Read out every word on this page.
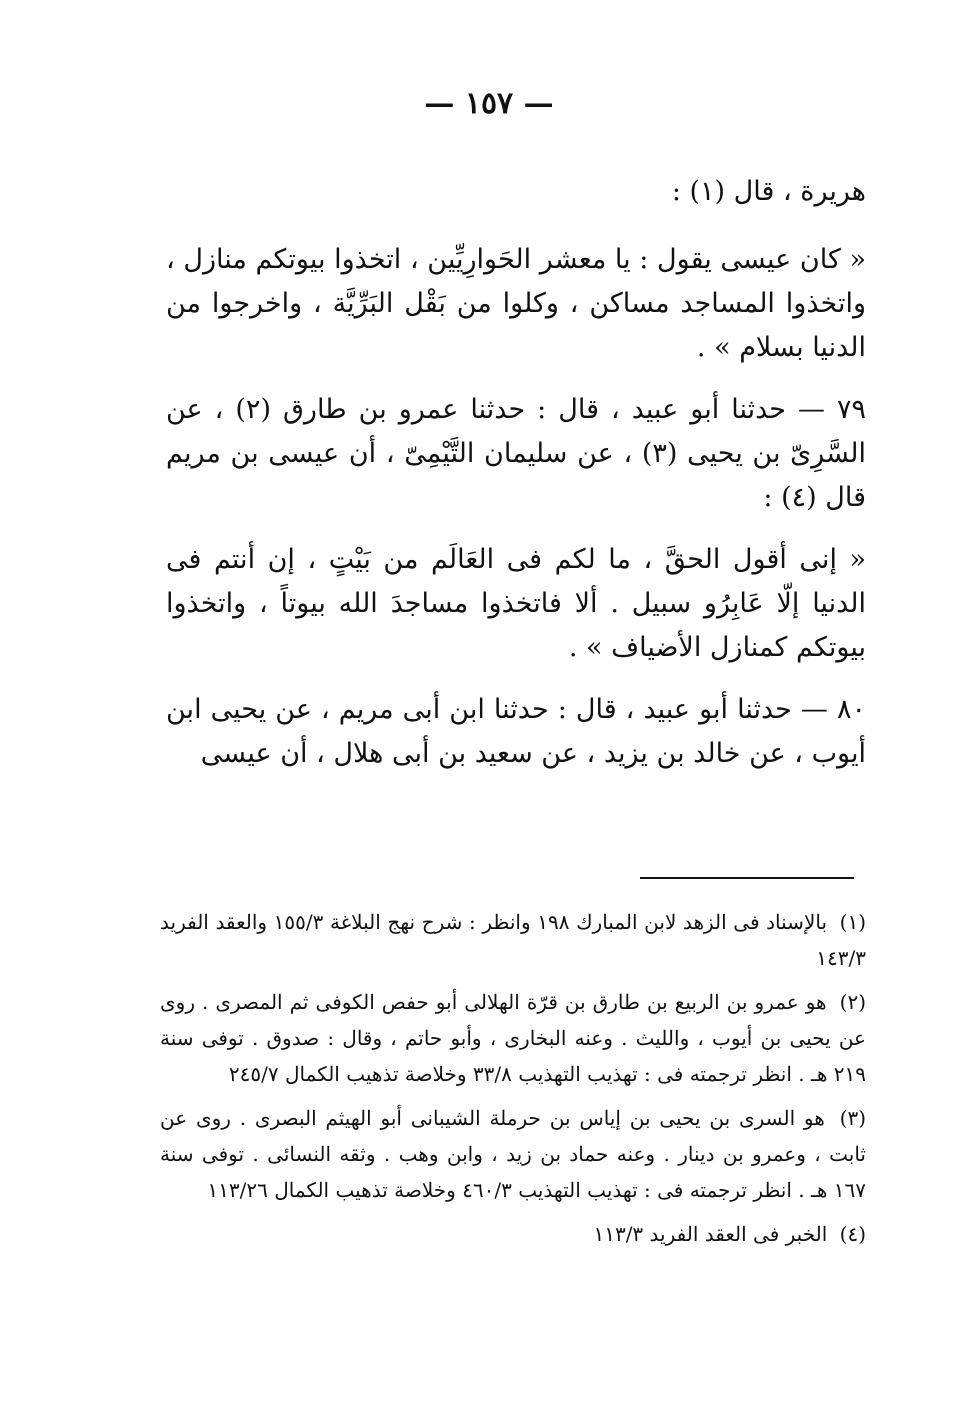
— ١٥٧ —

هريرة ، قال (١) :

« كان عيسى يقول : يا معشر الحَوارِيِّين ، اتخذوا بيوتكم منازل ، واتخذوا المساجد مساكن ، وكلوا من بَقْل البَرِّيَّة ، واخرجوا من الدنيا بسلام » .

٧٩ — حدثنا أبو عبيد ، قال : حدثنا عمرو بن طارق (٢) ، عن السَّرِىّ بن يحيى (٣) ، عن سليمان التَّيْمِىّ ، أن عيسى بن مريم قال (٤) :

« إنى أقول الحقَّ ، ما لكم فى العَالَم من بَيْتٍ ، إن أنتم فى الدنيا إلّا عَابِرُو سبيل . ألا فاتخذوا مساجدَ الله بيوتاً ، واتخذوا بيوتكم كمنازل الأضياف » .

٨٠ — حدثنا أبو عبيد ، قال : حدثنا ابن أبى مريم ، عن يحيى ابن أيوب ، عن خالد بن يزيد ، عن سعيد بن أبى هلال ، أن عيسى

(١) بالإسناد فى الزهد لابن المبارك ١٩٨ وانظر : شرح نهج البلاغة ١٥٥/٣ والعقد الفريد ١٤٣/٣

(٢) هو عمرو بن الربيع بن طارق بن قرّة الهلالى أبو حفص الكوفى ثم المصرى . روى عن يحيى بن أيوب ، والليث . وعنه البخارى ، وأبو حاتم ، وقال : صدوق . توفى سنة ٢١٩ هـ . انظر ترجمته فى : تهذيب التهذيب ٣٣/٨ وخلاصة تذهيب الكمال ٢٤٥/٧

(٣) هو السرى بن يحيى بن إياس بن حرملة الشيبانى أبو الهيثم البصرى . روى عن ثابت ، وعمرو بن دينار . وعنه حماد بن زيد ، وابن وهب . وثقه النسائى . توفى سنة ١٦٧ هـ . انظر ترجمته فى : تهذيب التهذيب ٤٦٠/٣ وخلاصة تذهيب الكمال ١١٣/٢٦

(٤) الخبر فى العقد الفريد ١١٣/٣
